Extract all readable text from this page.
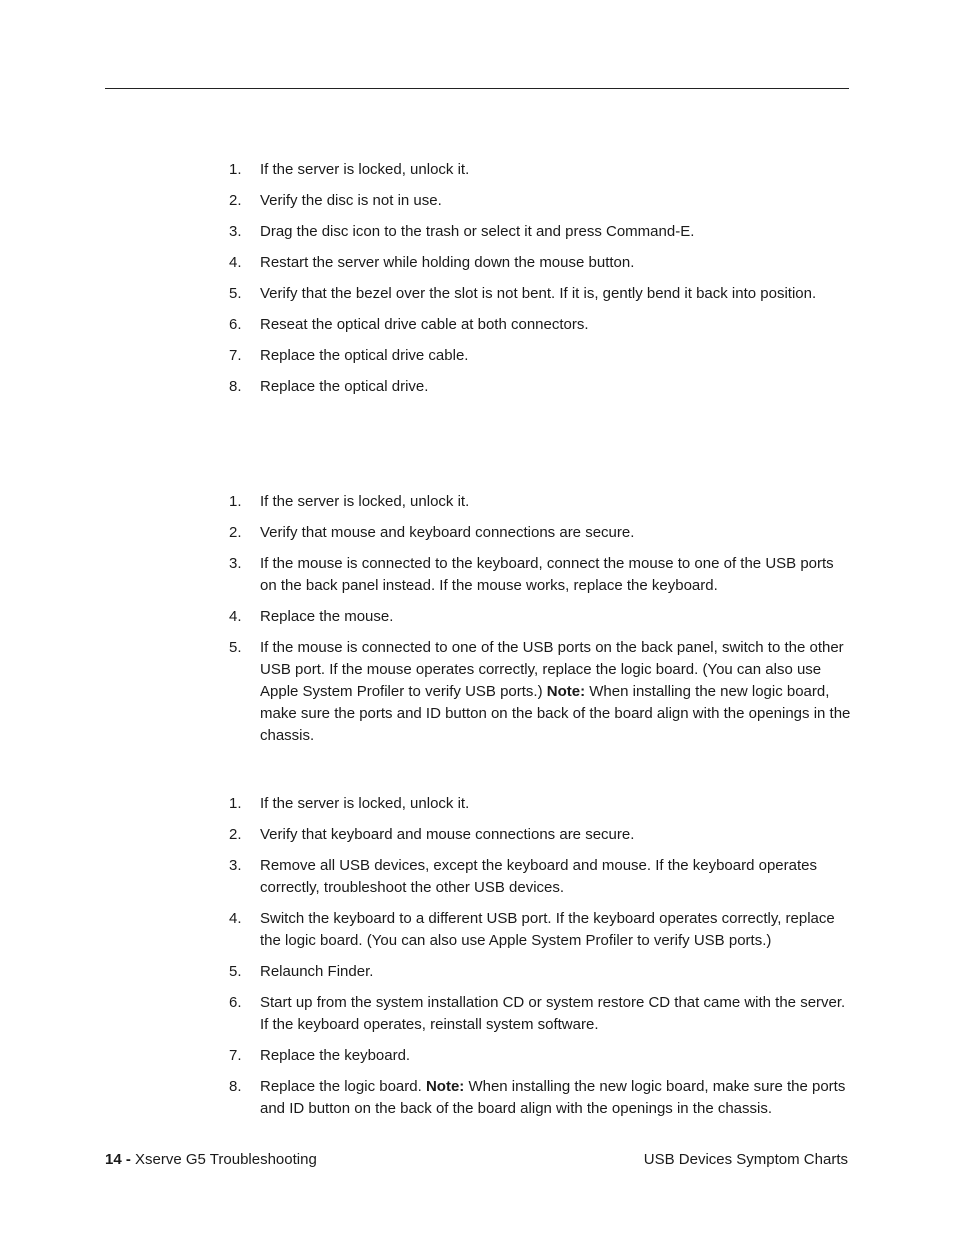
1.	If the server is locked, unlock it.
2.	Verify the disc is not in use.
3.	Drag the disc icon to the trash or select it and press Command-E.
4.	Restart the server while holding down the mouse button.
5.	Verify that the bezel over the slot is not bent. If it is, gently bend it back into position.
6.	Reseat the optical drive cable at both connectors.
7.	Replace the optical drive cable.
8.	Replace the optical drive.
1.	If the server is locked, unlock it.
2.	Verify that mouse and keyboard connections are secure.
3.	If the mouse is connected to the keyboard, connect the mouse to one of the USB ports on the back panel instead. If the mouse works, replace the keyboard.
4.	Replace the mouse.
5.	If the mouse is connected to one of the USB ports on the back panel, switch to the other USB port. If the mouse operates correctly, replace the logic board. (You can also use Apple System Profiler to verify USB ports.) Note: When installing the new logic board, make sure the ports and ID button on the back of the board align with the openings in the chassis.
1.	If the server is locked, unlock it.
2.	Verify that keyboard and mouse connections are secure.
3.	Remove all USB devices, except the keyboard and mouse. If the keyboard operates correctly, troubleshoot the other USB devices.
4.	Switch the keyboard to a different USB port. If the keyboard operates correctly, replace the logic board. (You can also use Apple System Profiler to verify USB ports.)
5.	Relaunch Finder.
6.	Start up from the system installation CD or system restore CD that came with the server. If the keyboard operates, reinstall system software.
7.	Replace the keyboard.
8.	Replace the logic board. Note: When installing the new logic board, make sure the ports and ID button on the back of the board align with the openings in the chassis.
14 - Xserve G5 Troubleshooting	USB Devices Symptom Charts
